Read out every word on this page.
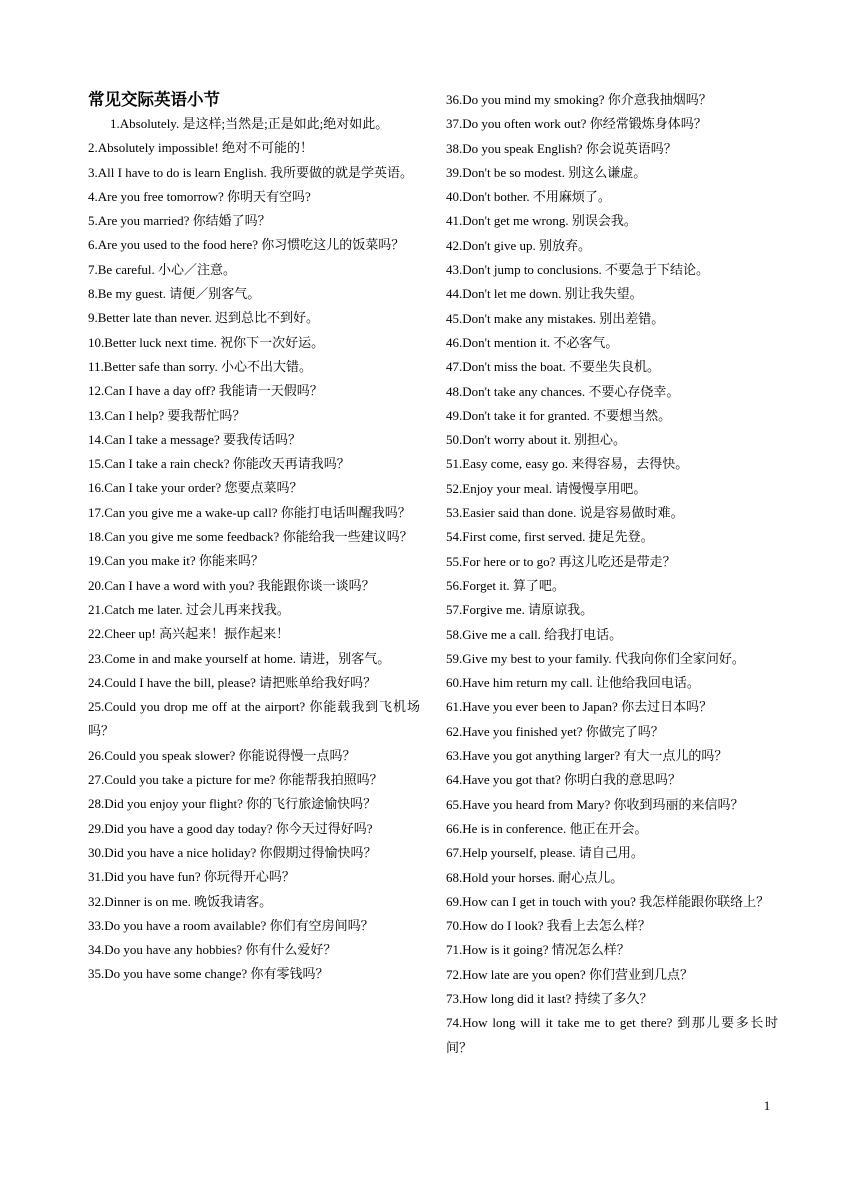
常见交际英语小节
1.Absolutely. 是这样;当然是;正是如此;绝对如此。
2.Absolutely impossible! 绝对不可能的！
3.All I have to do is learn English. 我所要做的就是学英语。
4.Are you free tomorrow? 你明天有空吗?
5.Are you married? 你结婚了吗？
6.Are you used to the food here? 你习惯吃这儿的饭菜吗？
7.Be careful. 小心／注意。
8.Be my guest. 请便／别客气。
9.Better late than never. 迟到总比不到好。
10.Better luck next time. 祝你下一次好运。
11.Better safe than sorry. 小心不出大错。
12.Can I have a day off? 我能请一天假吗？
13.Can I help? 要我帮忙吗？
14.Can I take a message? 要我传话吗？
15.Can I take a rain check? 你能改天再请我吗？
16.Can I take your order? 您要点菜吗？
17.Can you give me a wake-up call? 你能打电话叫醒我吗？
18.Can you give me some feedback? 你能给我一些建议吗？
19.Can you make it? 你能来吗？
20.Can I have a word with you? 我能跟你谈一谈吗？
21.Catch me later. 过会儿再来找我。
22.Cheer up! 高兴起来！振作起来！
23.Come in and make yourself at home. 请进，别客气。
24.Could I have the bill, please? 请把账单给我好吗？
25.Could you drop me off at the airport? 你能载我到飞机场吗？
26.Could you speak slower? 你能说得慢一点吗？
27.Could you take a picture for me? 你能帮我拍照吗？
28.Did you enjoy your flight? 你的飞行旅途愉快吗？
29.Did you have a good day today? 你今天过得好吗?
30.Did you have a nice holiday? 你假期过得愉快吗？
31.Did you have fun? 你玩得开心吗？
32.Dinner is on me. 晚饭我请客。
33.Do you have a room available? 你们有空房间吗？
34.Do you have any hobbies? 你有什么爱好？
35.Do you have some change? 你有零钱吗？
36.Do you mind my smoking? 你介意我抽烟吗？
37.Do you often work out? 你经常锻炼身体吗？
38.Do you speak English? 你会说英语吗？
39.Don't be so modest. 别这么谦虚。
40.Don't bother. 不用麻烦了。
41.Don't get me wrong. 别误会我。
42.Don't give up. 别放弃。
43.Don't jump to conclusions. 不要急于下结论。
44.Don't let me down. 别让我失望。
45.Don't make any mistakes. 别出差错。
46.Don't mention it. 不必客气。
47.Don't miss the boat. 不要坐失良机。
48.Don't take any chances. 不要心存侥幸。
49.Don't take it for granted. 不要想当然。
50.Don't worry about it. 别担心。
51.Easy come, easy go. 来得容易，去得快。
52.Enjoy your meal. 请慢慢享用吧。
53.Easier said than done. 说是容易做时难。
54.First come, first served. 捷足先登。
55.For here or to go? 再这儿吃还是带走？
56.Forget it. 算了吧。
57.Forgive me. 请原谅我。
58.Give me a call. 给我打电话。
59.Give my best to your family. 代我向你们全家问好。
60.Have him return my call. 让他给我回电话。
61.Have you ever been to Japan? 你去过日本吗？
62.Have you finished yet? 你做完了吗？
63.Have you got anything larger? 有大一点儿的吗？
64.Have you got that? 你明白我的意思吗？
65.Have you heard from Mary? 你收到玛丽的来信吗？
66.He is in conference. 他正在开会。
67.Help yourself, please. 请自己用。
68.Hold your horses. 耐心点儿。
69.How can I get in touch with you? 我怎样能跟你联络上？
70.How do I look? 我看上去怎么样？
71.How is it going? 情况怎么样？
72.How late are you open? 你们营业到几点？
73.How long did it last? 持续了多久？
74.How long will it take me to get there? 到那儿要多长时间？
1
